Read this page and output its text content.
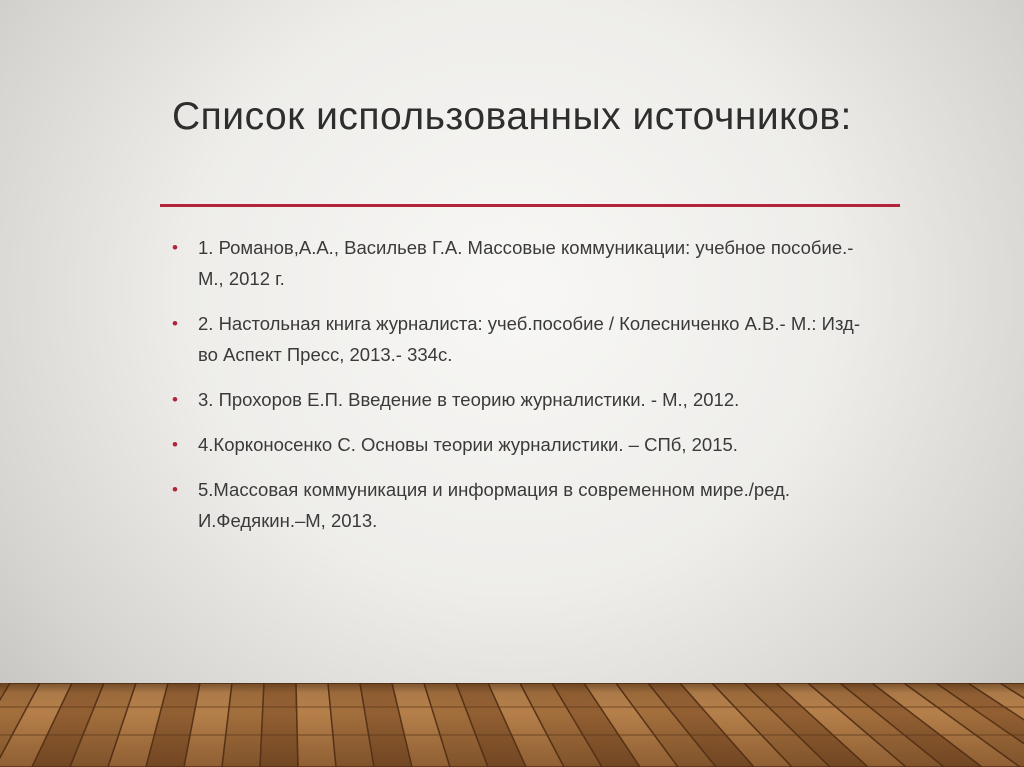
Список использованных источников:
• 1. Романов,А.А., Васильев Г.А. Массовые коммуникации: учебное пособие.- М., 2012 г.
• 2. Настольная книга журналиста: учеб.пособие / Колесниченко А.В.- М.: Изд-во Аспект Пресс, 2013.- 334с.
• 3. Прохоров Е.П. Введение в теорию журналистики. - М., 2012.
• 4.Корконосенко С. Основы теории журналистики. – СПб, 2015.
• 5.Массовая коммуникация и информация в современном мире./ред. И.Федякин.–М, 2013.
